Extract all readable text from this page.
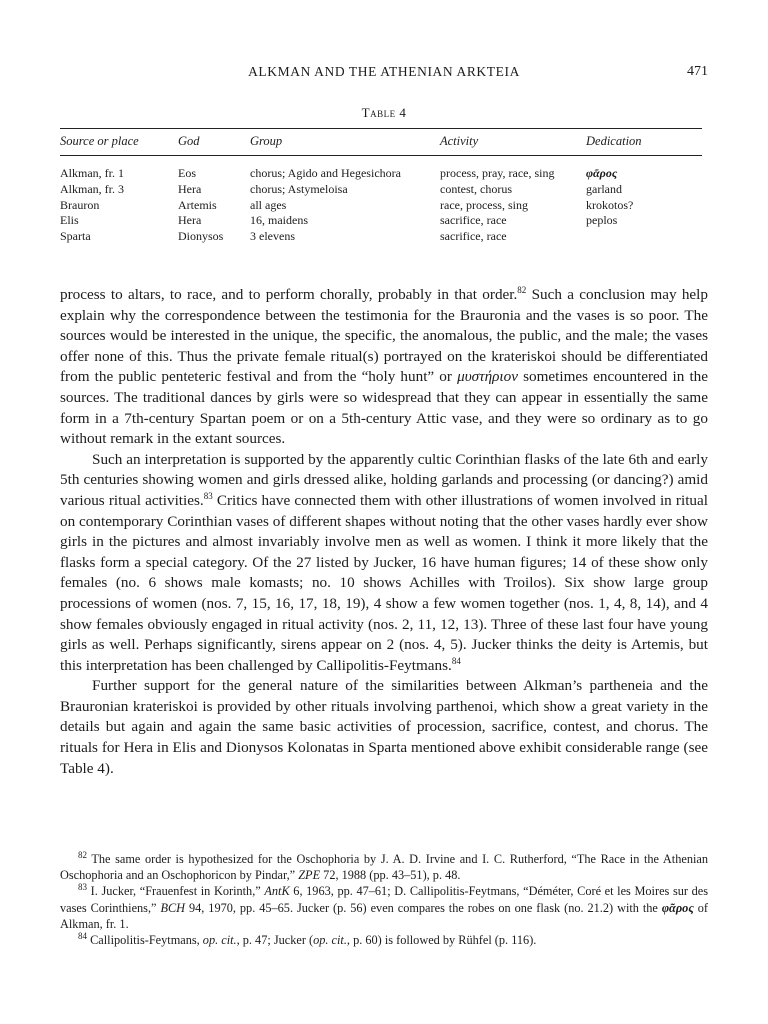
ALKMAN AND THE ATHENIAN ARKTEIA	471
Table 4
Source or place	God	Group	Activity	Dedication
Alkman, fr. 1	Eos	chorus; Agido and Hegesichora	process, pray, race, sing	φᾶρος
Alkman, fr. 3	Hera	chorus; Astymeloisa	contest, chorus	garland
Brauron	Artemis	all ages	race, process, sing	krokotos?
Elis	Hera	16, maidens	sacrifice, race	peplos
Sparta	Dionysos	3 elevens	sacrifice, race	

process to altars, to race, and to perform chorally, probably in that order.$^{82}$ Such a conclusion may help explain why the correspondence between the testimonia for the Brauronia and the vases is so poor. The sources would be interested in the unique, the specific, the anomalous, the public, and the male; the vases offer none of this. Thus the private female ritual(s) portrayed on the krateriskoi should be differentiated from the public penteteric festival and from the “holy hunt” or μυστήριον sometimes encountered in the sources. The traditional dances by girls were so widespread that they can appear in essentially the same form in a 7th-century Spartan poem or on a 5th-century Attic vase, and they were so ordinary as to go without remark in the extant sources.

Such an interpretation is supported by the apparently cultic Corinthian flasks of the late 6th and early 5th centuries showing women and girls dressed alike, holding garlands and processing (or dancing?) amid various ritual activities.$^{83}$ Critics have connected them with other illustrations of women involved in ritual on contemporary Corinthian vases of different shapes without noting that the other vases hardly ever show girls in the pictures and almost invariably involve men as well as women. I think it more likely that the flasks form a special category. Of the 27 listed by Jucker, 16 have human figures; 14 of these show only females (no. 6 shows male komasts; no. 10 shows Achilles with Troilos). Six show large group processions of women (nos. 7, 15, 16, 17, 18, 19), 4 show a few women together (nos. 1, 4, 8, 14), and 4 show females obviously engaged in ritual activity (nos. 2, 11, 12, 13). Three of these last four have young girls as well. Perhaps significantly, sirens appear on 2 (nos. 4, 5). Jucker thinks the deity is Artemis, but this interpretation has been challenged by Callipolitis-Feytmans.$^{84}$

Further support for the general nature of the similarities between Alkman’s partheneia and the Brauronian krateriskoi is provided by other rituals involving parthenoi, which show a great variety in the details but again and again the same basic activities of procession, sacrifice, contest, and chorus. The rituals for Hera in Elis and Dionysos Kolonatas in Sparta mentioned above exhibit considerable range (see Table 4).

$^{82}$ The same order is hypothesized for the Oschophoria by J. A. D. Irvine and I. C. Rutherford, “The Race in the Athenian Oschophoria and an Oschophoricon by Pindar,” ZPE 72, 1988 (pp. 43–51), p. 48.

$^{83}$ I. Jucker, “Frauenfest in Korinth,” AntK 6, 1963, pp. 47–61; D. Callipolitis-Feytmans, “Déméter, Coré et les Moires sur des vases Corinthiens,” BCH 94, 1970, pp. 45–65. Jucker (p. 56) even compares the robes on one flask (no. 21.2) with the φᾶρος of Alkman, fr. 1.

$^{84}$ Callipolitis-Feytmans, op. cit., p. 47; Jucker (op. cit., p. 60) is followed by Rühfel (p. 116).
